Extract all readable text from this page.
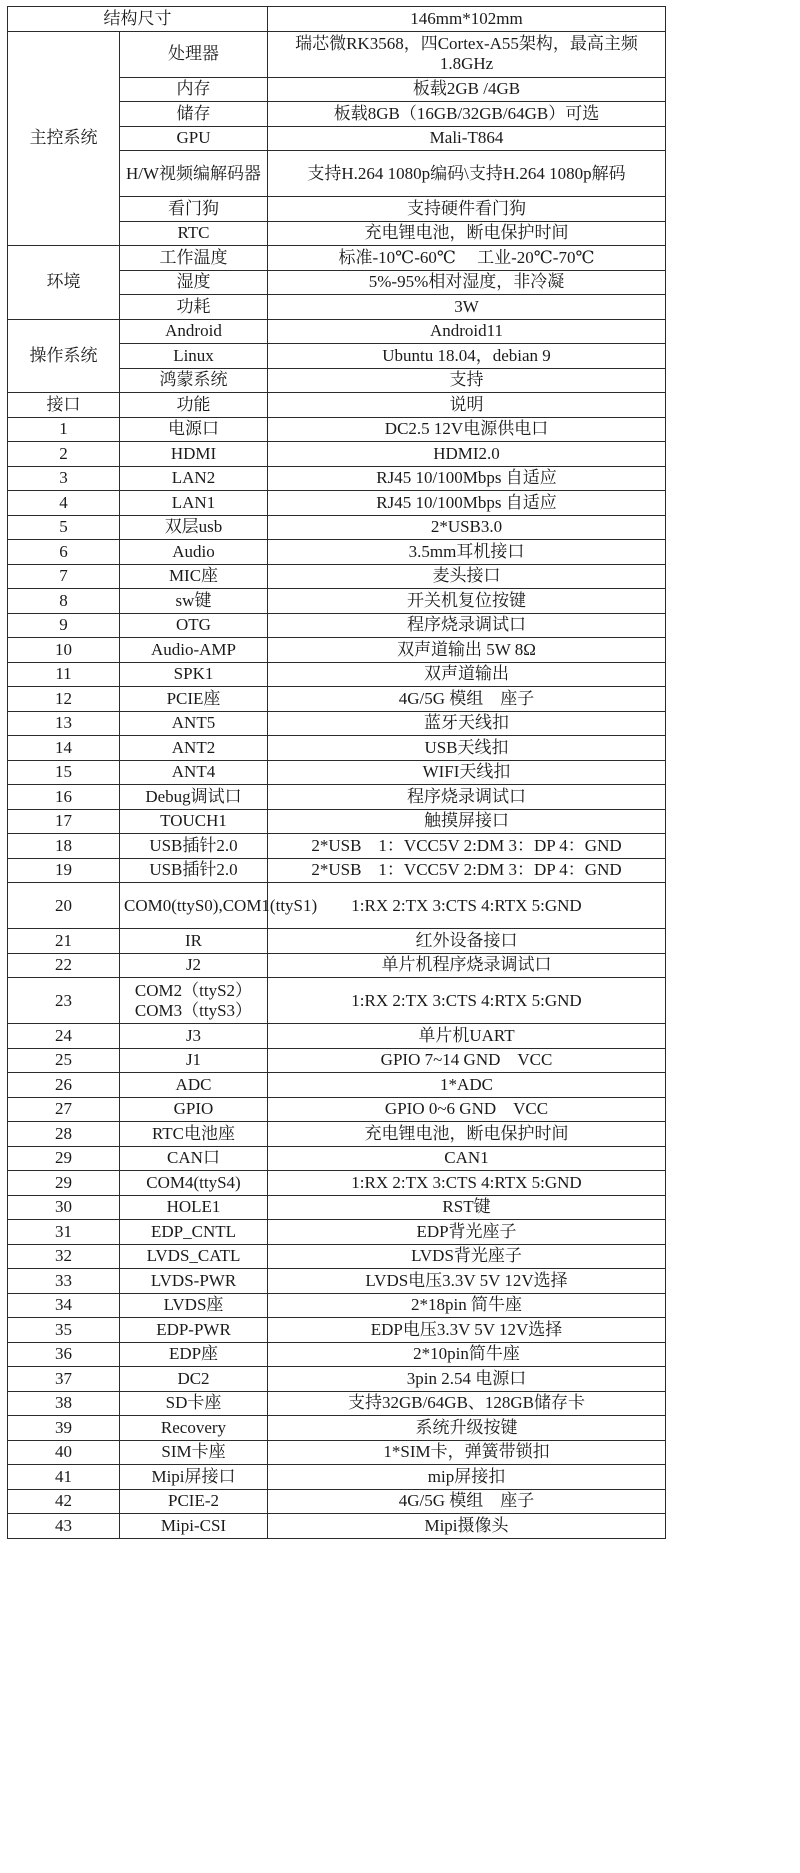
结构尺寸		146mm*102mm
主控系统	处理器	瑞芯微RK3568，四Cortex-A55架构，最高主频1.8GHz
	内存	板载2GB /4GB
	储存	板载8GB（16GB/32GB/64GB）可选
	GPU	Mali-T864
	H/W视频编解码器	支持H.264 1080p编码\支持H.264 1080p解码
	看门狗	支持硬件看门狗
	RTC	充电锂电池，断电保护时间
环境	工作温度	标准-10℃-60℃　 工业-20℃-70℃
	湿度	5%-95%相对湿度，非冷凝
	功耗	3W
操作系统	Android	Android11
	Linux	Ubuntu 18.04，debian 9
	鸿蒙系统	支持
接口	功能	说明
1	电源口	DC2.5 12V电源供电口
2	HDMI	HDMI2.0
3	LAN2	RJ45 10/100Mbps 自适应
4	LAN1	RJ45 10/100Mbps 自适应
5	双层usb	2*USB3.0
6	Audio	3.5mm耳机接口
7	MIC座	麦头接口
8	sw键	开关机复位按键
9	OTG	程序烧录调试口
10	Audio-AMP	双声道输出 5W 8Ω
11	SPK1	双声道输出
12	PCIE座	4G/5G 模组　座子
13	ANT5	蓝牙天线扣
14	ANT2	USB天线扣
15	ANT4	WIFI天线扣
16	Debug调试口	程序烧录调试口
17	TOUCH1	触摸屏接口
18	USB插针2.0	2*USB　1：VCC5V 2:DM 3：DP 4：GND
19	USB插针2.0	2*USB　1：VCC5V 2:DM 3：DP 4：GND
20	COM0(ttyS0),COM1(ttyS1)	1:RX 2:TX 3:CTS 4:RTX 5:GND
21	IR	红外设备接口
22	J2	单片机程序烧录调试口
23	COM2（ttyS2）COM3（ttyS3）	1:RX 2:TX 3:CTS 4:RTX 5:GND
24	J3	单片机UART
25	J1	GPIO 7~14 GND　VCC
26	ADC	1*ADC
27	GPIO	GPIO 0~6 GND　VCC
28	RTC电池座	充电锂电池，断电保护时间
29	CAN口	CAN1
29	COM4(ttyS4)	1:RX 2:TX 3:CTS 4:RTX 5:GND
30	HOLE1	RST键
31	EDP_CNTL	EDP背光座子
32	LVDS_CATL	LVDS背光座子
33	LVDS-PWR	LVDS电压3.3V 5V 12V选择
34	LVDS座	2*18pin 简牛座
35	EDP-PWR	EDP电压3.3V 5V 12V选择
36	EDP座	2*10pin简牛座
37	DC2	3pin 2.54 电源口
38	SD卡座	支持32GB/64GB、128GB储存卡
39	Recovery	系统升级按键
40	SIM卡座	1*SIM卡，弹簧带锁扣
41	Mipi屏接口	mip屏接扣
42	PCIE-2	4G/5G 模组　座子
43	Mipi-CSI	Mipi摄像头
